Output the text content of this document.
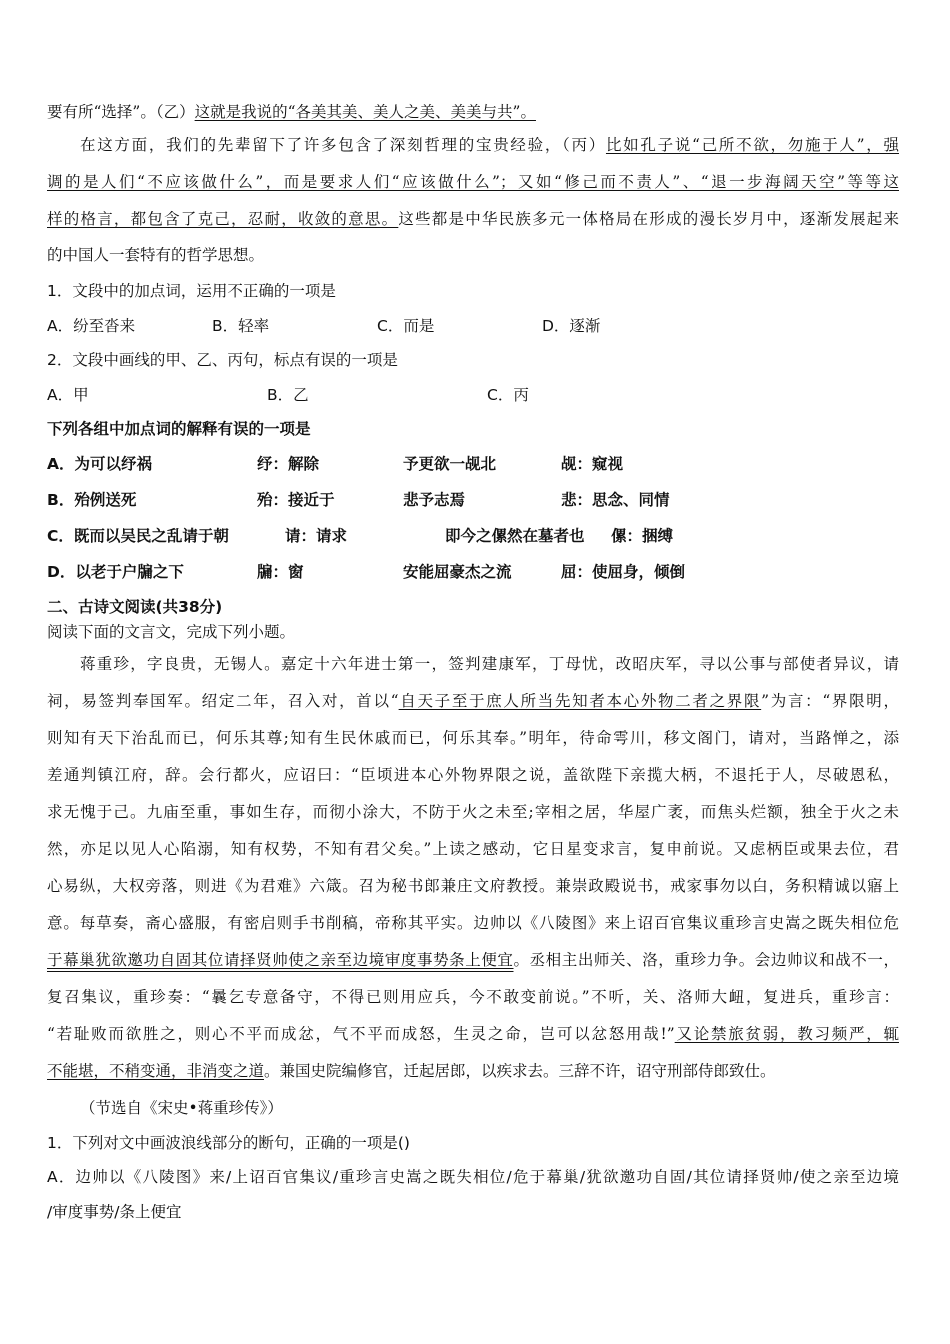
要有所“选择”。（乙）这就是我说的“各美其美、美人之美、美美与共”。
在这方面，我们的先辈留下了许多包含了深刻哲理的宝贵经验，（丙）比如孔子说“己所不欲，勿施于人”，强
调的是人们“不应该做什么”，而是要求人们“应该做什么”；又如“修己而不责人”、“退一步海阔天空”等等这
样的格言，都包含了克己，忍耐，收敛的意思。这些都是中华民族多元一体格局在形成的漫长岁月中，逐渐发展起来
的中国人一套特有的哲学思想。
1．文段中的加点词，运用不正确的一项是
A．纷至沓来	B．轻率	C．而是	D．逐渐
2．文段中画线的甲、乙、丙句，标点有误的一项是
A．甲	B．乙	C．丙
下列各组中加点词的解释有误的一项是
A．为可以纾祸	纾：解除	予更欲一觇北	觇：窥视
B．殆例送死	殆：接近于	悲予志焉	悲：思念、同情
C．既而以吴民之乱请于朝	请：请求	即今之傫然在墓者也 傫：捆缚
D．以老于户牖之下	牖：窗	安能屈豪杰之流	屈：使屈身，倾倒
二、古诗文阅读(共38分)
阅读下面的文言文，完成下列小题。
蒋重珍，字良贵，无锡人。嘉定十六年进士第一，签判建康军，丁母忧，改昭庆军，寻以公事与部使者异议，请
祠，易签判奉国军。绍定二年，召入对，首以“自天子至于庶人所当先知者本心外物二者之界限”为言：“界限明，
则知有天下治乱而已，何乐其尊;知有生民休戚而已，何乐其奉。”明年，待命雩川，移文阁门，请对，当路惮之，添
差通判镇江府，辞。会行都火，应诏曰：“臣顷进本心外物界限之说，盖欲陛下亲揽大柄，不退托于人，尽破恩私，
求无愧于己。九庙至重，事如生存，而彻小涂大，不防于火之未至;宰相之居，华屋广袤，而焦头烂额，独全于火之未
然，亦足以见人心陷溺，知有权势，不知有君父矣。”上读之感动，它日星变求言，复申前说。又虑柄臣或果去位，君
心易纵，大权旁落，则进《为君难》六箴。召为秘书郎兼庄文府教授。兼崇政殿说书，戒家事勿以白，务积精诚以寤上
意。每草奏，斋心盛服，有密启则手书削稿，帝称其平实。边帅以《八陵图》来上诏百官集议重珍言史嵩之既失相位危
于幕巢犹欲邀功自固其位请择贤帅使之亲至边境审度事势条上便宜。丞相主出师关、洛，重珍力争。会边帅议和战不一，
复召集议，重珍奏：“曩乞专意备守，不得已则用应兵，今不敢变前说。”不听，关、洛师大衄，复进兵，重珍言：
“若耻败而欲胜之，则心不平而成忿，气不平而成怒，生灵之命，岂可以忿怒用哉!”又论禁旅贫弱，教习频严，辄
不能堪，不稍变通，非消变之道。兼国史院编修官，迁起居郎，以疾求去。三辞不许，诏守刑部侍郎致仕。
（节选自《宋史•蒋重珍传》）
1．下列对文中画波浪线部分的断句，正确的一项是()
A．边帅以《八陵图》来/上诏百官集议/重珍言史嵩之既失相位/危于幕巢/犹欲邀功自固/其位请择贤帅/使之亲至边境
/审度事势/条上便宜
